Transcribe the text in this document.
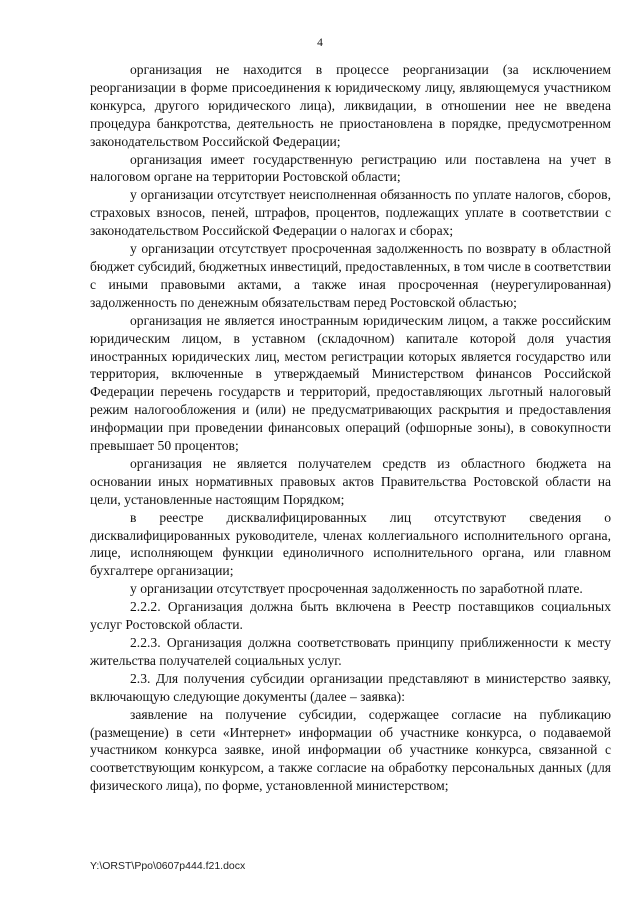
4

организация не находится в процессе реорганизации (за исключением реорганизации в форме присоединения к юридическому лицу, являющемуся участником конкурса, другого юридического лица), ликвидации, в отношении нее не введена процедура банкротства, деятельность не приостановлена в порядке, предусмотренном законодательством Российской Федерации;

организация имеет государственную регистрацию или поставлена на учет в налоговом органе на территории Ростовской области;

у организации отсутствует неисполненная обязанность по уплате налогов, сборов, страховых взносов, пеней, штрафов, процентов, подлежащих уплате в соответствии с законодательством Российской Федерации о налогах и сборах;

у организации отсутствует просроченная задолженность по возврату в областной бюджет субсидий, бюджетных инвестиций, предоставленных, в том числе в соответствии с иными правовыми актами, а также иная просроченная (неурегулированная) задолженность по денежным обязательствам перед Ростовской областью;

организация не является иностранным юридическим лицом, а также российским юридическим лицом, в уставном (складочном) капитале которой доля участия иностранных юридических лиц, местом регистрации которых является государство или территория, включенные в утверждаемый Министерством финансов Российской Федерации перечень государств и территорий, предоставляющих льготный налоговый режим налогообложения и (или) не предусматривающих раскрытия и предоставления информации при проведении финансовых операций (офшорные зоны), в совокупности превышает 50 процентов;

организация не является получателем средств из областного бюджета на основании иных нормативных правовых актов Правительства Ростовской области на цели, установленные настоящим Порядком;

в реестре дисквалифицированных лиц отсутствуют сведения о дисквалифицированных руководителе, членах коллегиального исполнительного органа, лице, исполняющем функции единоличного исполнительного органа, или главном бухгалтере организации;

у организации отсутствует просроченная задолженность по заработной плате.

2.2.2. Организация должна быть включена в Реестр поставщиков социальных услуг Ростовской области.

2.2.3. Организация должна соответствовать принципу приближенности к месту жительства получателей социальных услуг.

2.3. Для получения субсидии организации представляют в министерство заявку, включающую следующие документы (далее – заявка):

заявление на получение субсидии, содержащее согласие на публикацию (размещение) в сети «Интернет» информации об участнике конкурса, о подаваемой участником конкурса заявке, иной информации об участнике конкурса, связанной с соответствующим конкурсом, а также согласие на обработку персональных данных (для физического лица), по форме, установленной министерством;

Y:\ORST\Ppo\0607p444.f21.docx
